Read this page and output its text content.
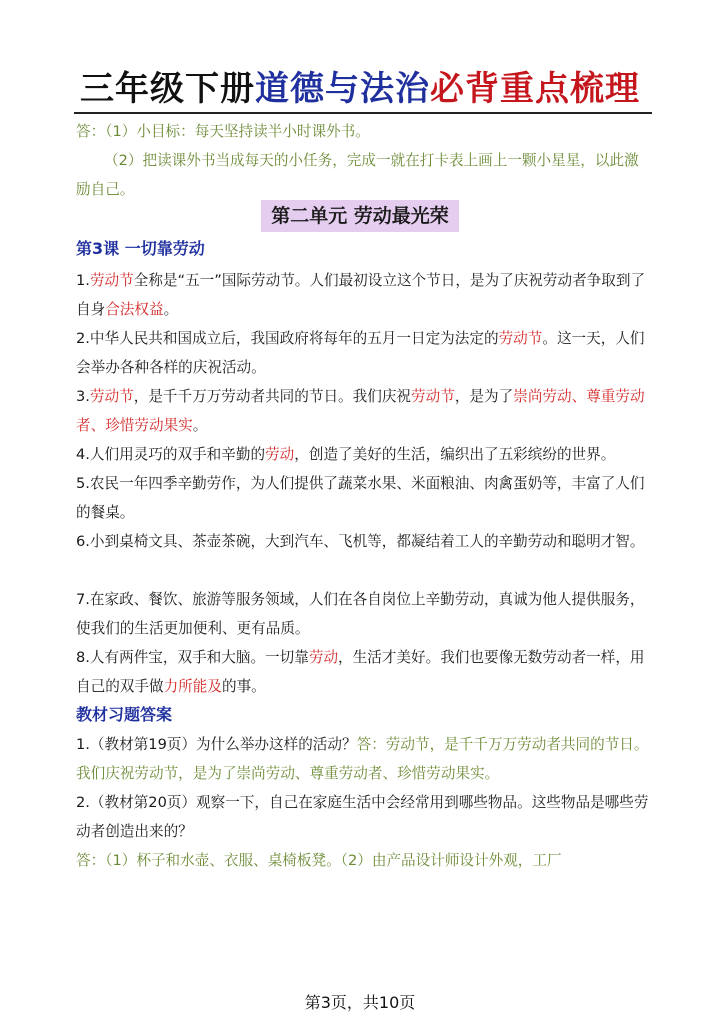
三年级下册道德与法治必背重点梳理
答：（1）小目标：每天坚持读半小时课外书。
（2）把读课外书当成每天的小任务，完成一就在打卡表上画上一颗小星星，以此激励自己。
第二单元 劳动最光荣
第3课 一切靠劳动
1.劳动节全称是“五一”国际劳动节。人们最初设立这个节日，是为了庆祝劳动者争取到了自身合法权益。
2.中华人民共和国成立后，我国政府将每年的五月一日定为法定的劳动节。这一天，人们会举办各种各样的庆祝活动。
3.劳动节，是千千万万劳动者共同的节日。我们庆祝劳动节，是为了崇尚劳动、尊重劳动者、珍惜劳动果实。
4.人们用灵巧的双手和辛勤的劳动，创造了美好的生活，编织出了五彩缤纷的世界。
5.农民一年四季辛勤劳作，为人们提供了蔬菜水果、米面粮油、肉禽蛋奶等，丰富了人们的餐桌。
6.小到桌椅文具、茶壶茶碗，大到汽车、飞机等，都凝结着工人的辛勤劳动和聪明才智。
7.在家政、餐饮、旅游等服务领域，人们在各自岗位上辛勤劳动，真诚为他人提供服务，使我们的生活更加便利、更有品质。
8.人有两件宝，双手和大脑。一切靠劳动，生活才美好。我们也要像无数劳动者一样，用自己的双手做力所能及的事。
教材习题答案
1.（教材第19页）为什么举办这样的活动？答：劳动节，是千千万万劳动者共同的节日。我们庆祝劳动节，是为了崇尚劳动、尊重劳动者、珍惜劳动果实。
2.（教材第20页）观察一下，自己在家庭生活中会经常用到哪些物品。这些物品是哪些劳动者创造出来的？
答：（1）杯子和水壶、衣服、桌椅板凳。（2）由产品设计师设计外观，工厂
第3页，共10页
